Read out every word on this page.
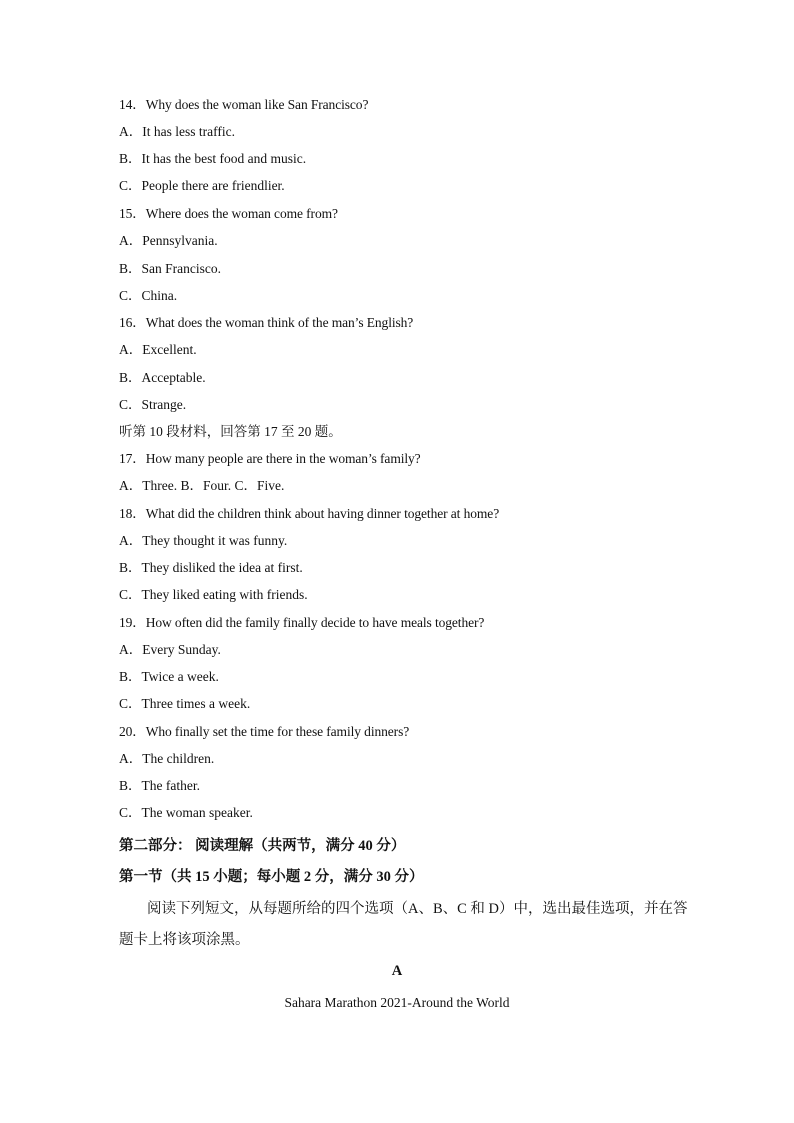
14．Why does the woman like San Francisco?
A．It has less traffic.
B．It has the best food and music.
C．People there are friendlier.
15．Where does the woman come from?
A．Pennsylvania.
B．San Francisco.
C．China.
16．What does the woman think of the man’s English?
A．Excellent.
B．Acceptable.
C．Strange.
听第 10 段材料，回答第 17 至 20 题。
17．How many people are there in the woman’s family?
A．Three. B．Four. C．Five.
18．What did the children think about having dinner together at home?
A．They thought it was funny.
B．They disliked the idea at first.
C．They liked eating with friends.
19．How often did the family finally decide to have meals together?
A．Every Sunday.
B．Twice a week.
C．Three times a week.
20．Who finally set the time for these family dinners?
A．The children.
B．The father.
C．The woman speaker.
第二部分： 阅读理解（共两节，满分 40 分）
第一节（共 15 小题；每小题 2 分，满分 30 分）
阅读下列短文，从每题所给的四个选项（A、B、C 和 D）中，选出最佳选项，并在答
题卡上将该项涂黑。
A
Sahara Marathon 2021-Around the World
